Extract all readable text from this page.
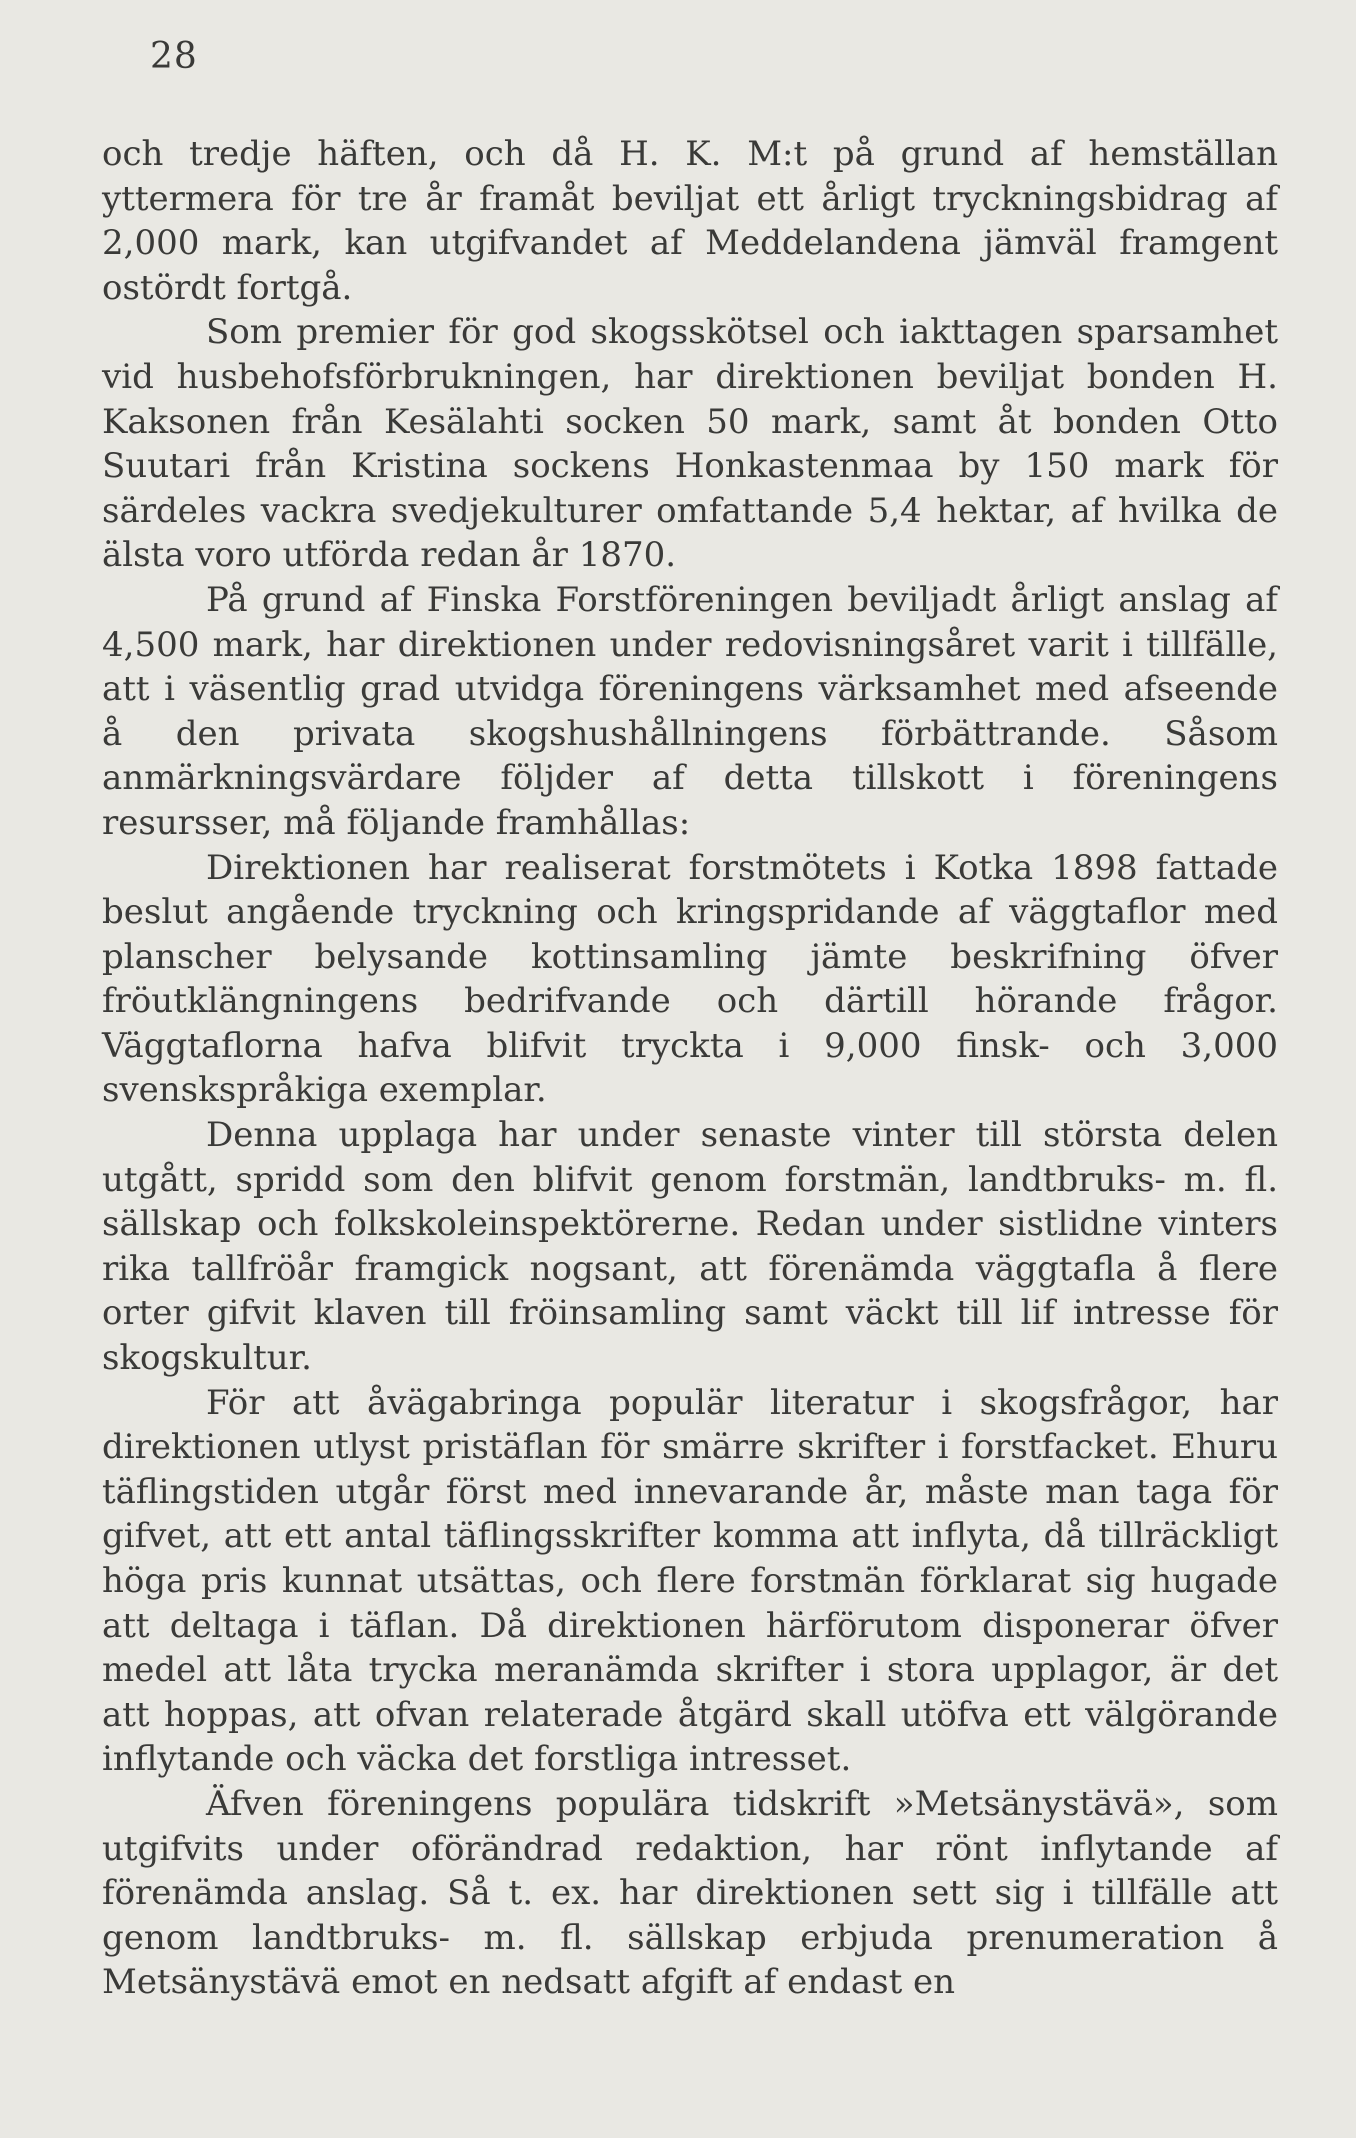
28

och tredje häften, och då H. K. M:t på grund af hemställan yttermera för tre år framåt beviljat ett årligt tryckningsbidrag af 2,000 mark, kan utgifvandet af Meddelandena jämväl framgent ostördt fortgå.

Som premier för god skogsskötsel och iakttagen sparsamhet vid husbehofsförbrukningen, har direktionen beviljat bonden H. Kaksonen från Kesälahti socken 50 mark, samt åt bonden Otto Suutari från Kristina sockens Honkastenmaa by 150 mark för särdeles vackra svedjekulturer omfattande 5,4 hektar, af hvilka de älsta voro utförda redan år 1870.

På grund af Finska Forstföreningen beviljadt årligt anslag af 4,500 mark, har direktionen under redovisningsåret varit i tillfälle, att i väsentlig grad utvidga föreningens värksamhet med afseende å den privata skogshushållningens förbättrande. Såsom anmärkningsvärdare följder af detta tillskott i föreningens resursser, må följande framhållas:

Direktionen har realiserat forstmötets i Kotka 1898 fattade beslut angående tryckning och kringspridande af väggtaflor med planscher belysande kottinsamling jämte beskrifning öfver fröutklängningens bedrifvande och därtill hörande frågor. Väggtaflorna hafva blifvit tryckta i 9,000 finsk- och 3,000 svenskspråkiga exemplar.

Denna upplaga har under senaste vinter till största delen utgått, spridd som den blifvit genom forstmän, landtbruks- m. fl. sällskap och folkskoleinspektörerne. Redan under sistlidne vinters rika tallfröår framgick nogsant, att förenämda väggtafla å flere orter gifvit klaven till fröinsamling samt väckt till lif intresse för skogskultur.

För att åvägabringa populär literatur i skogsfrågor, har direktionen utlyst pristäflan för smärre skrifter i forstfacket. Ehuru täflingstiden utgår först med innevarande år, måste man taga för gifvet, att ett antal täflingsskrifter komma att inflyta, då tillräckligt höga pris kunnat utsättas, och flere forstmän förklarat sig hugade att deltaga i täflan. Då direktionen härförutom disponerar öfver medel att låta trycka meranämda skrifter i stora upplagor, är det att hoppas, att ofvan relaterade åtgärd skall utöfva ett välgörande inflytande och väcka det forstliga intresset.

Äfven föreningens populära tidskrift »Metsänystävä», som utgifvits under oförändrad redaktion, har rönt inflytande af förenämda anslag. Så t. ex. har direktionen sett sig i tillfälle att genom landtbruks- m. fl. sällskap erbjuda prenumeration å Metsänystävä emot en nedsatt afgift af endast en
